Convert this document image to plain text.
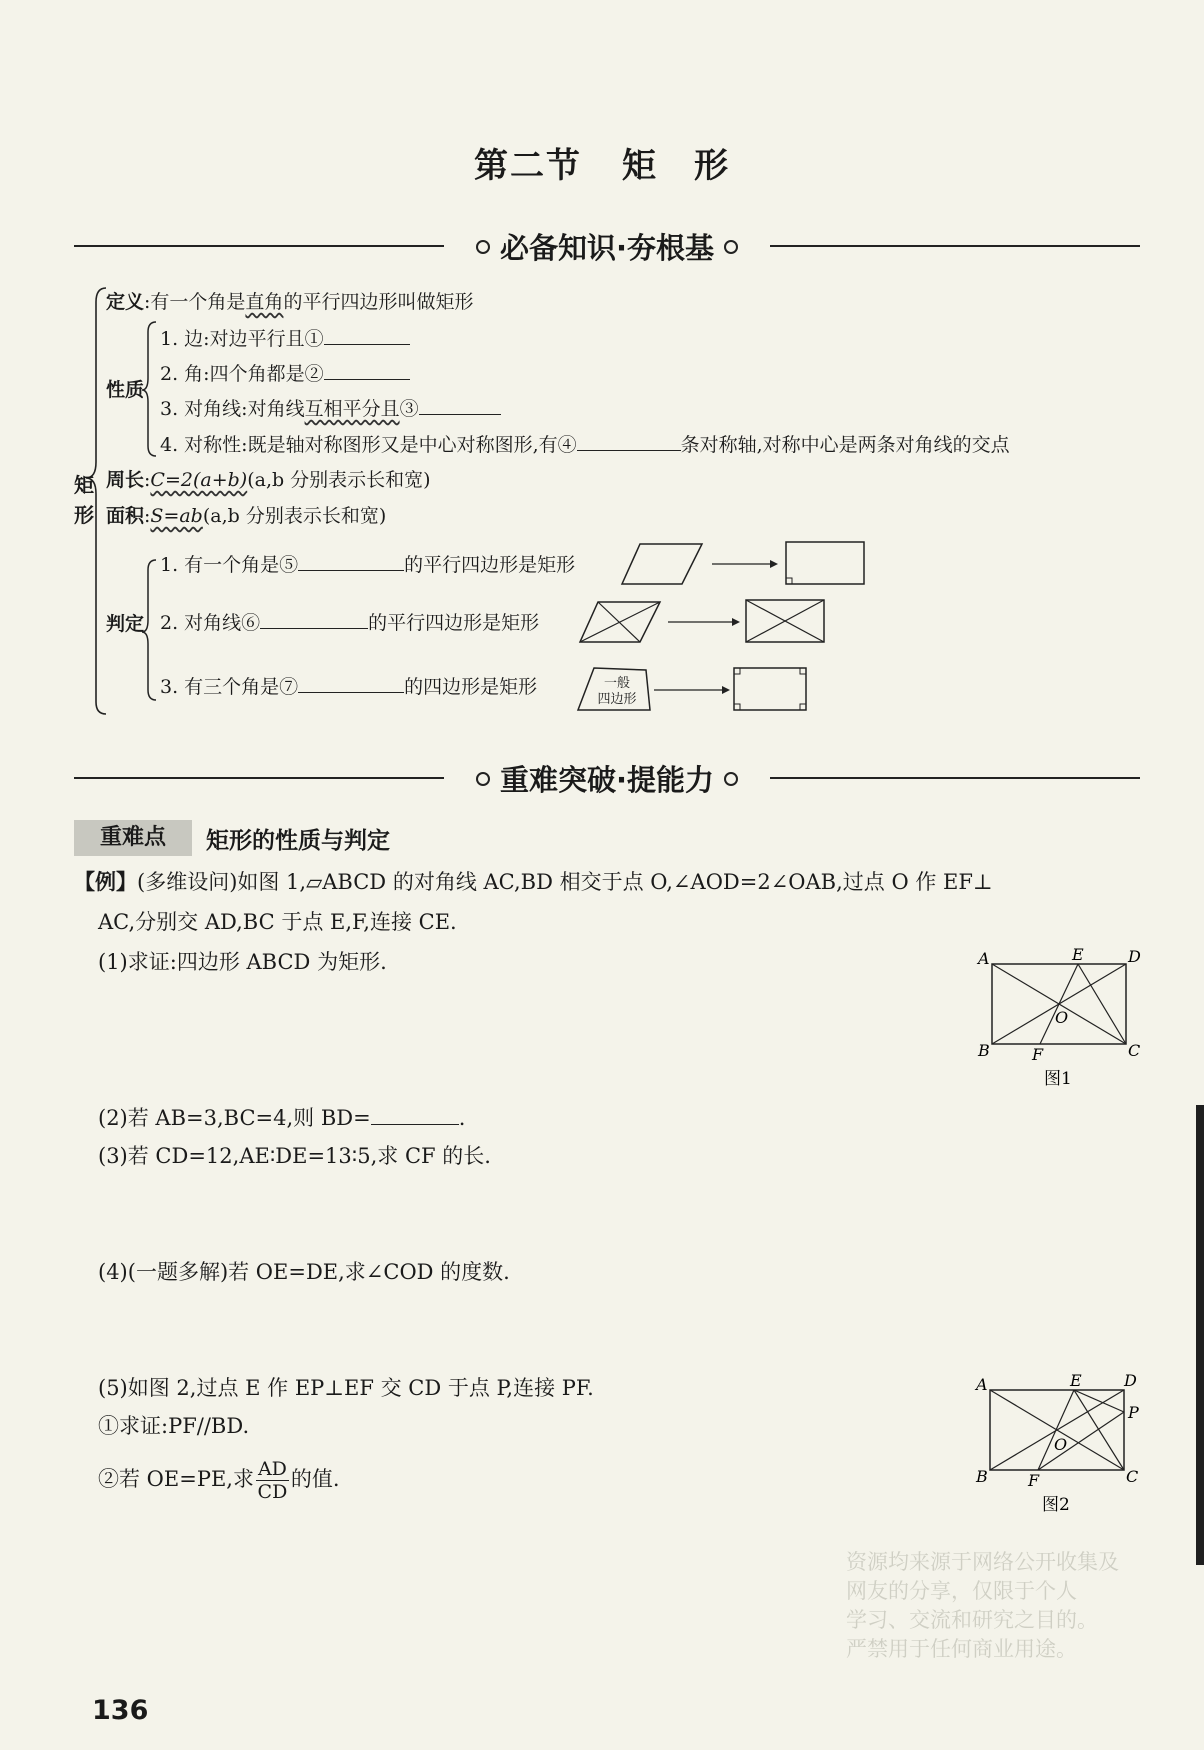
第二节 矩　形
必备知识·夯根基
矩形
定义:有一个角是直角的平行四边形叫做矩形
性质
1. 边:对边平行且①
2. 角:四个角都是②
3. 对角线:对角线互相平分且③
4. 对称性:既是轴对称图形又是中心对称图形,有④	条对称轴,对称中心是两条对角线的交点
周长:C=2(a+b)(a,b 分别表示长和宽)
面积:S=ab(a,b 分别表示长和宽)
判定
1. 有一个角是⑤	的平行四边形是矩形
2. 对角线⑥	的平行四边形是矩形
3. 有三个角是⑦	的四边形是矩形	一般
四边形
重难突破·提能力
重难点	矩形的性质与判定
【例】(多维设问)如图 1,▱ABCD 的对角线 AC,BD 相交于点 O,∠AOD=2∠OAB,过点 O 作 EF⊥
AC,分别交 AD,BC 于点 E,F,连接 CE.
(1)求证:四边形 ABCD 为矩形.
(2)若 AB=3,BC=4,则 BD=	.
(3)若 CD=12,AE∶DE=13∶5,求 CF 的长.
(4)(一题多解)若 OE=DE,求∠COD 的度数.
(5)如图 2,过点 E 作 EP⊥EF 交 CD 于点 P,连接 PF.
①求证:PF//BD.
②若 OE=PE,求 $\frac{AD}{CD}$ 的值.
A	E	D
O
B	F	C
图1
A	E	D
P
O
B	F	C
图2
资源均来源于网络公开收集及
网友的分享，仅限于个人
学习、交流和研究之目的。
严禁用于任何商业用途。
136
